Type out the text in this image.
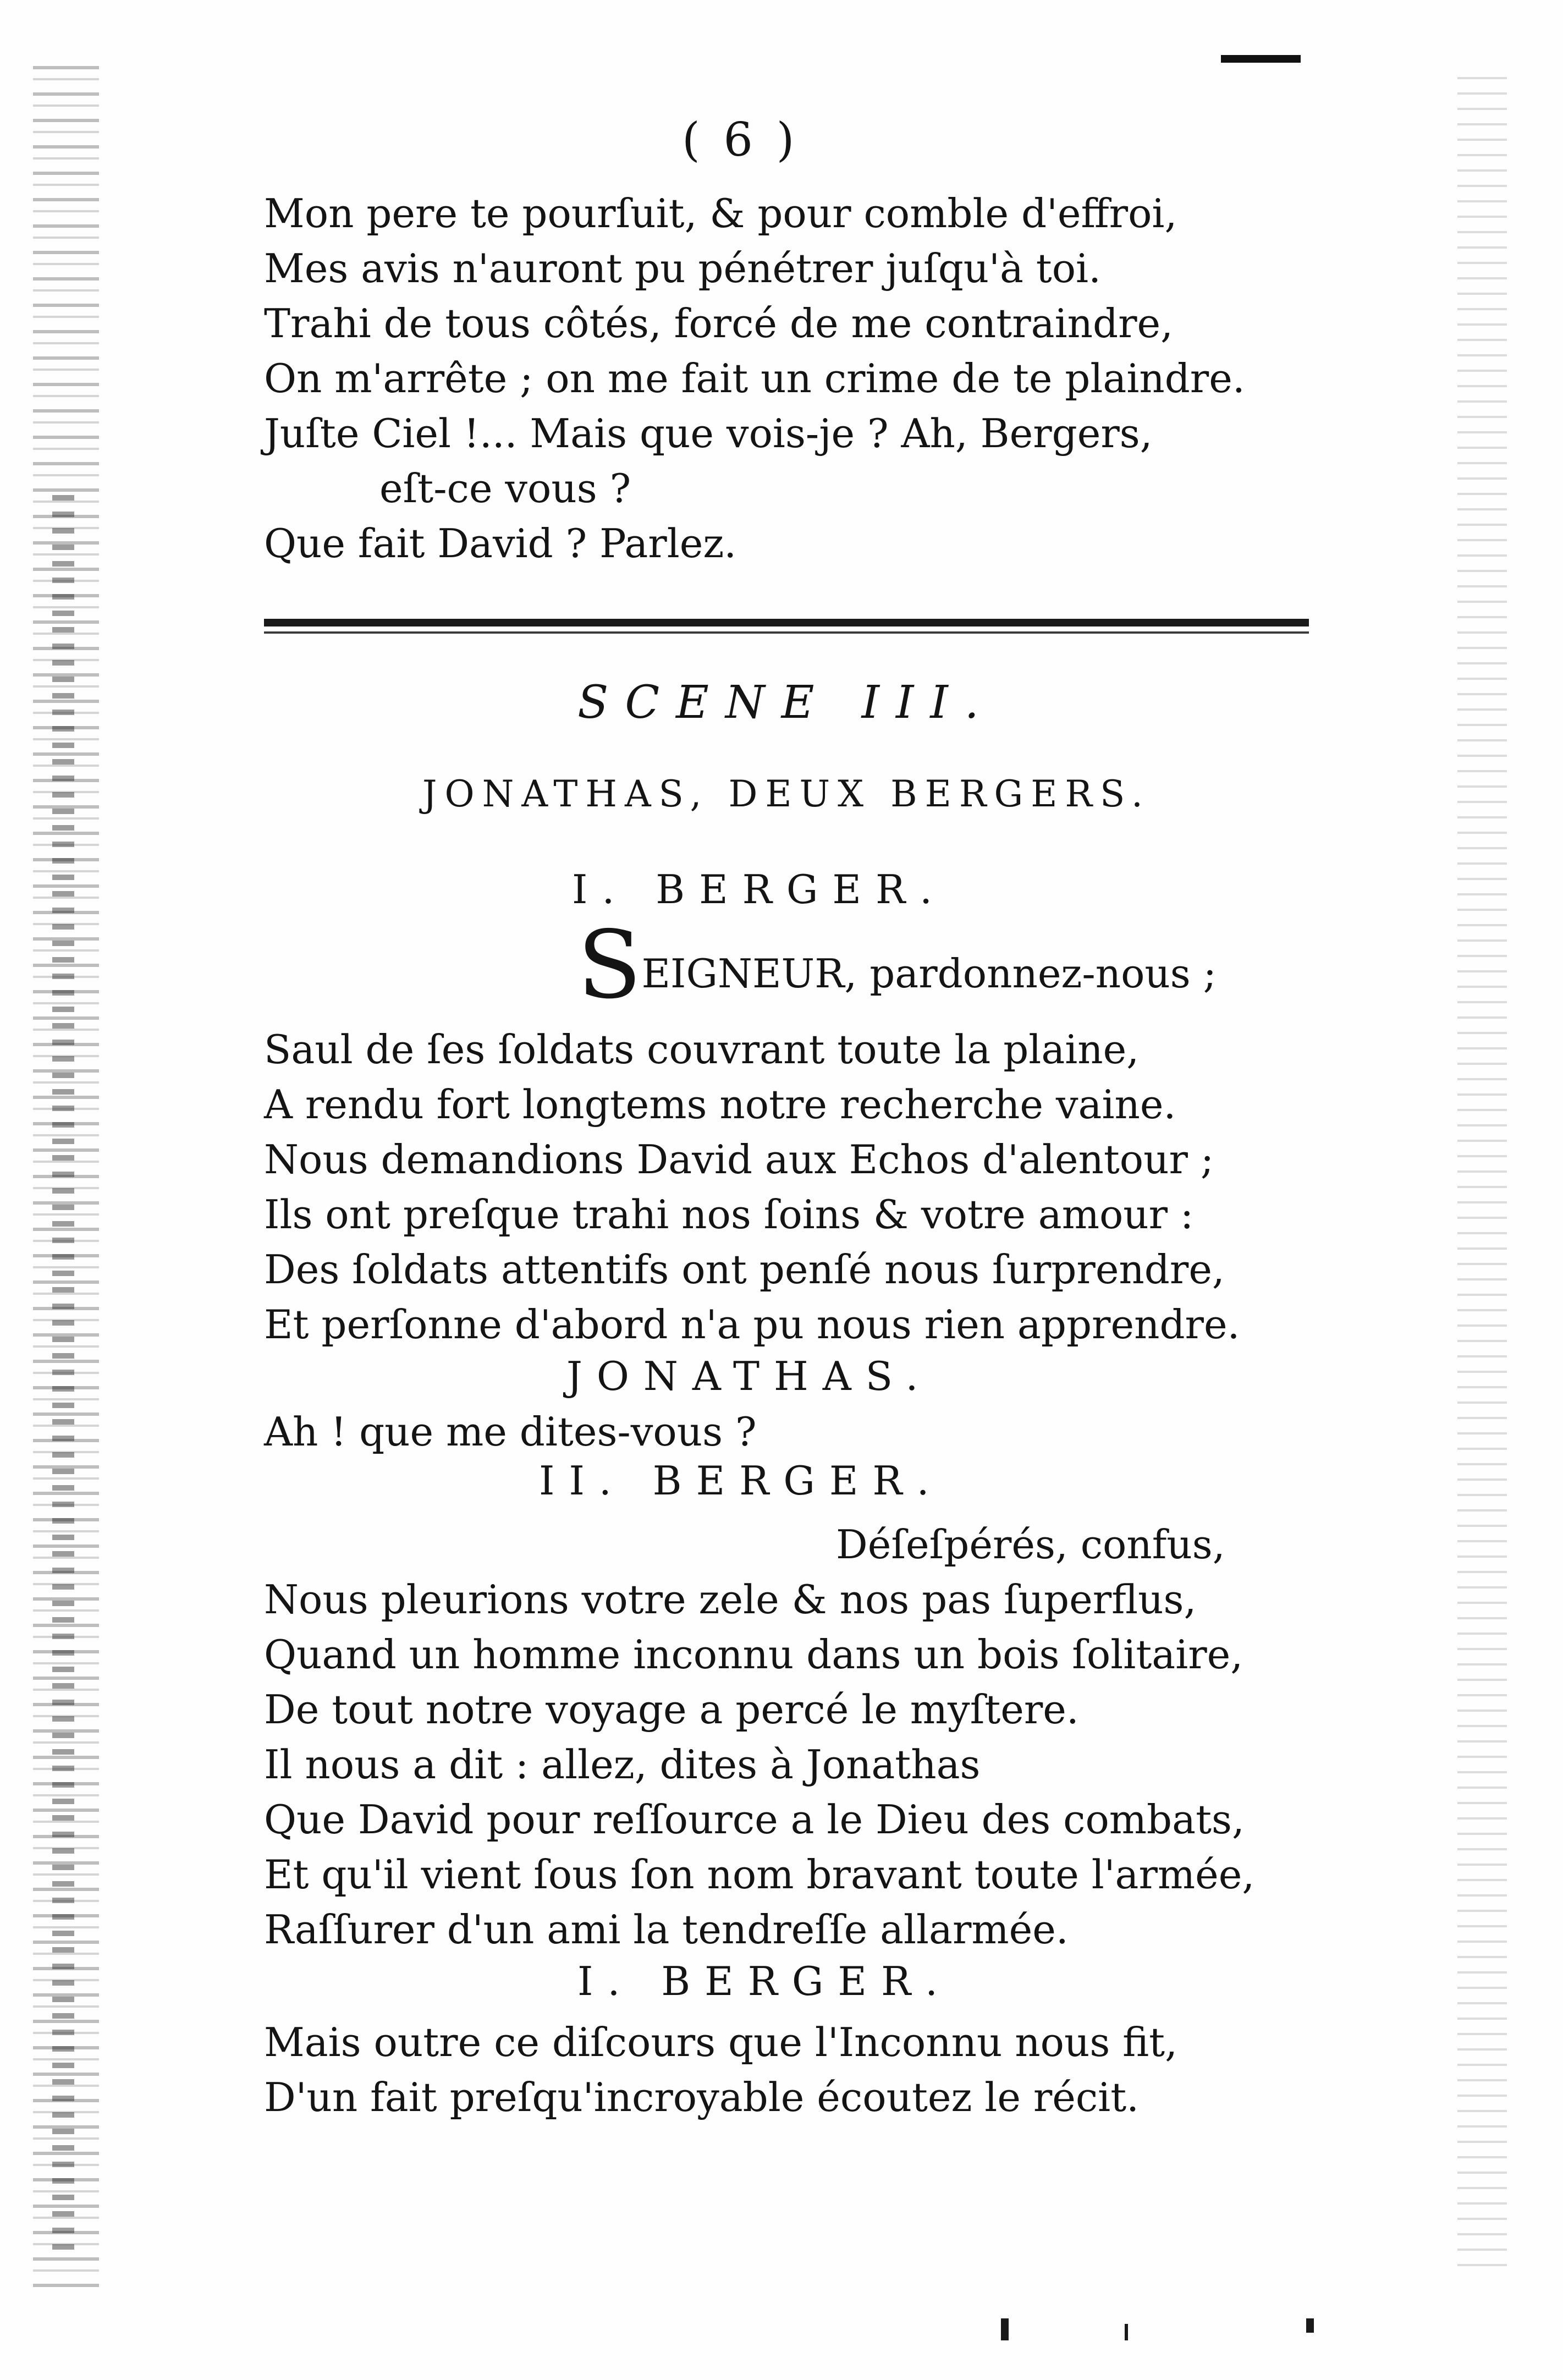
( 6 )
Mon pere te pourſuit, & pour comble d'effroi,
Mes avis n'auront pu pénétrer juſqu'à toi.
Trahi de tous côtés, forcé de me contraindre,
On m'arrête ; on me fait un crime de te plaindre.
Juſte Ciel !... Mais que vois-je ? Ah, Bergers,
eſt-ce vous ?
Que fait David ? Parlez.
SCENE III.
JONATHAS, DEUX BERGERS.
I. BERGER.
SEIGNEUR, pardonnez-nous ;
Saul de ſes ſoldats couvrant toute la plaine,
A rendu fort longtems notre recherche vaine.
Nous demandions David aux Echos d'alentour ;
Ils ont preſque trahi nos ſoins & votre amour :
Des ſoldats attentifs ont penſé nous ſurprendre,
Et perſonne d'abord n'a pu nous rien apprendre.
JONATHAS.
Ah ! que me dites-vous ?
II. BERGER.
Déſeſpérés, confus,
Nous pleurions votre zele & nos pas ſuperflus,
Quand un homme inconnu dans un bois ſolitaire,
De tout notre voyage a percé le myſtere.
Il nous a dit : allez, dites à Jonathas
Que David pour reſſource a le Dieu des combats,
Et qu'il vient ſous ſon nom bravant toute l'armée,
Raſſurer d'un ami la tendreſſe allarmée.
I. BERGER.
Mais outre ce diſcours que l'Inconnu nous fit,
D'un fait preſqu'incroyable écoutez le récit.
